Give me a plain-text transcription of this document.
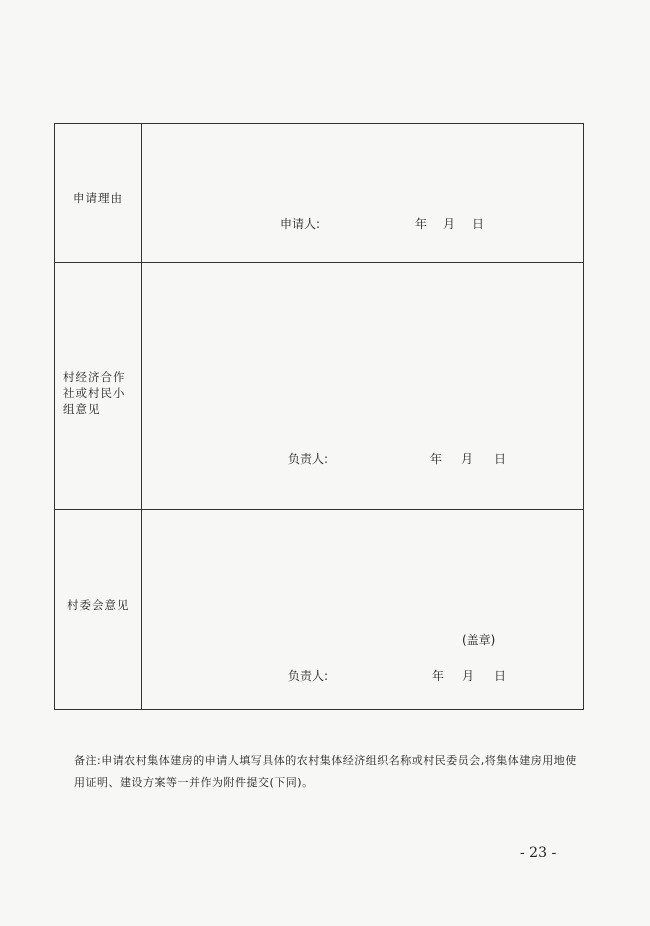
申请理由
申请人:	年 月 日
村经济合作社或村民小组意见
负责人:	年 月 日
村委会意见
(盖章)
负责人:	年 月 日
备注:申请农村集体建房的申请人填写具体的农村集体经济组织名称或村民委员会,将集体建房用地使用证明、建设方案等一并作为附件提交(下同)。
- 23 -
